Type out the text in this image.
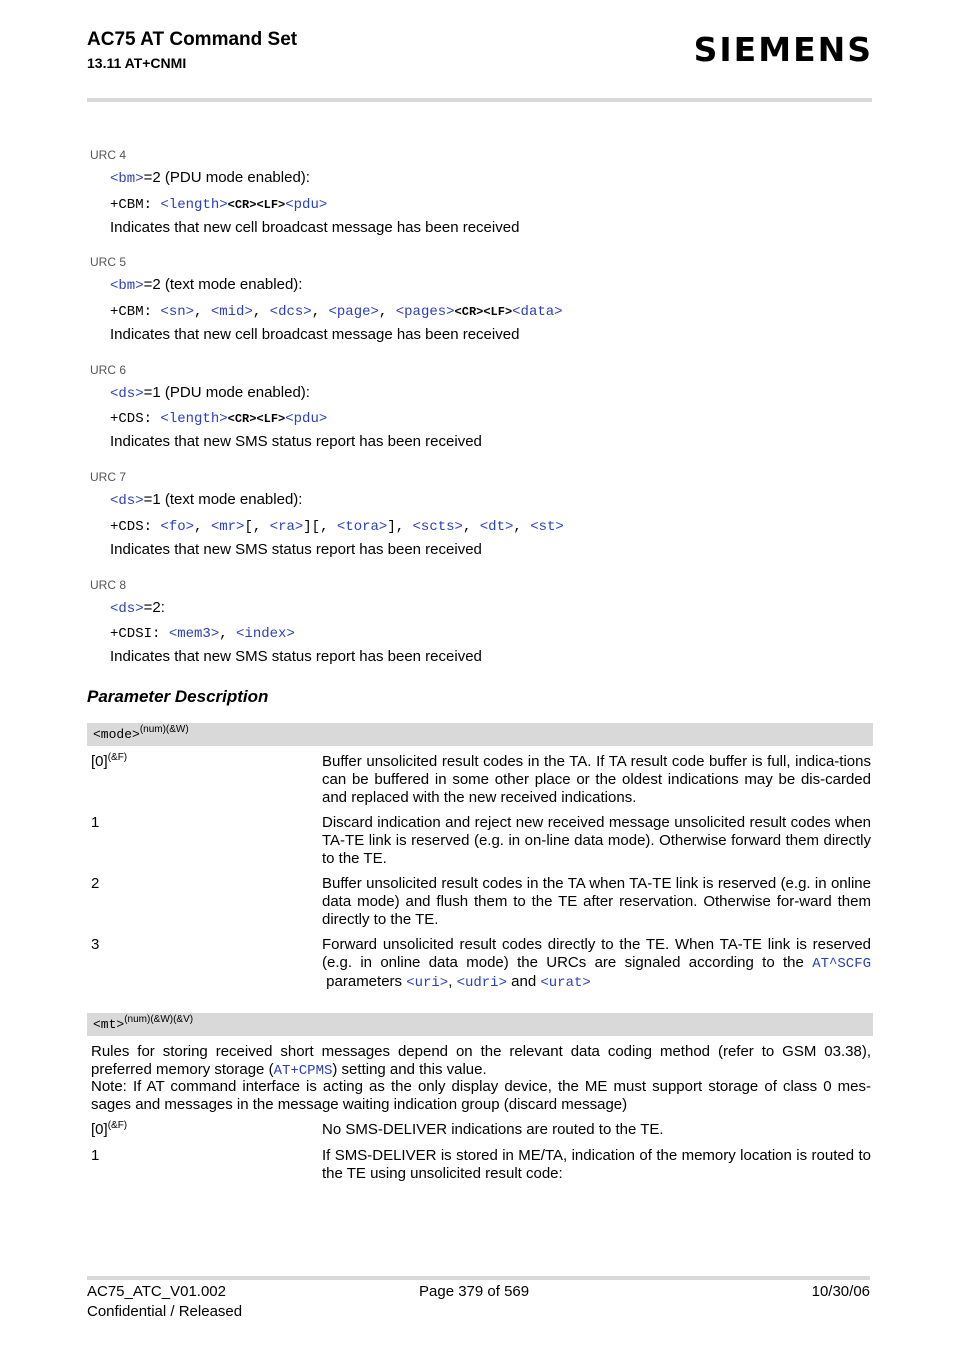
AC75 AT Command Set
13.11 AT+CNMI	SIEMENS
URC 4
<bm>=2 (PDU mode enabled):
+CBM: <length><CR><LF><pdu>
Indicates that new cell broadcast message has been received
URC 5
<bm>=2 (text mode enabled):
+CBM: <sn>, <mid>, <dcs>, <page>, <pages><CR><LF><data>
Indicates that new cell broadcast message has been received
URC 6
<ds>=1 (PDU mode enabled):
+CDS: <length><CR><LF><pdu>
Indicates that new SMS status report has been received
URC 7
<ds>=1 (text mode enabled):
+CDS: <fo>, <mr>[, <ra>][, <tora>], <scts>, <dt>, <st>
Indicates that new SMS status report has been received
URC 8
<ds>=2:
+CDSI: <mem3>, <index>
Indicates that new SMS status report has been received
Parameter Description
<mode>$^{(num)(\&W)}$
$[0]^{(\&F)}$	Buffer unsolicited result codes in the TA. If TA result code buffer is full, indica-tions can be buffered in some other place or the oldest indications may be dis-carded and replaced with the new received indications.
1	Discard indication and reject new received message unsolicited result codes when TA-TE link is reserved (e.g. in on-line data mode). Otherwise forward them directly to the TE.
2	Buffer unsolicited result codes in the TA when TA-TE link is reserved (e.g. in online data mode) and flush them to the TE after reservation. Otherwise for-ward them directly to the TE.
3	Forward unsolicited result codes directly to the TE. When TA-TE link is reserved (e.g. in online data mode) the URCs are signaled according to the AT^SCFG parameters <uri>, <udri> and <urat>
<mt>$^{(num)(\&W)(\&V)}$
Rules for storing received short messages depend on the relevant data coding method (refer to GSM 03.38), preferred memory storage (AT+CPMS) setting and this value.
Note: If AT command interface is acting as the only display device, the ME must support storage of class 0 mes-sages and messages in the message waiting indication group (discard message)
$[0]^{(\&F)}$	No SMS-DELIVER indications are routed to the TE.
1	If SMS-DELIVER is stored in ME/TA, indication of the memory location is routed to the TE using unsolicited result code:
AC75_ATC_V01.002
Confidential / Released
Page 379 of 569	10/30/06
